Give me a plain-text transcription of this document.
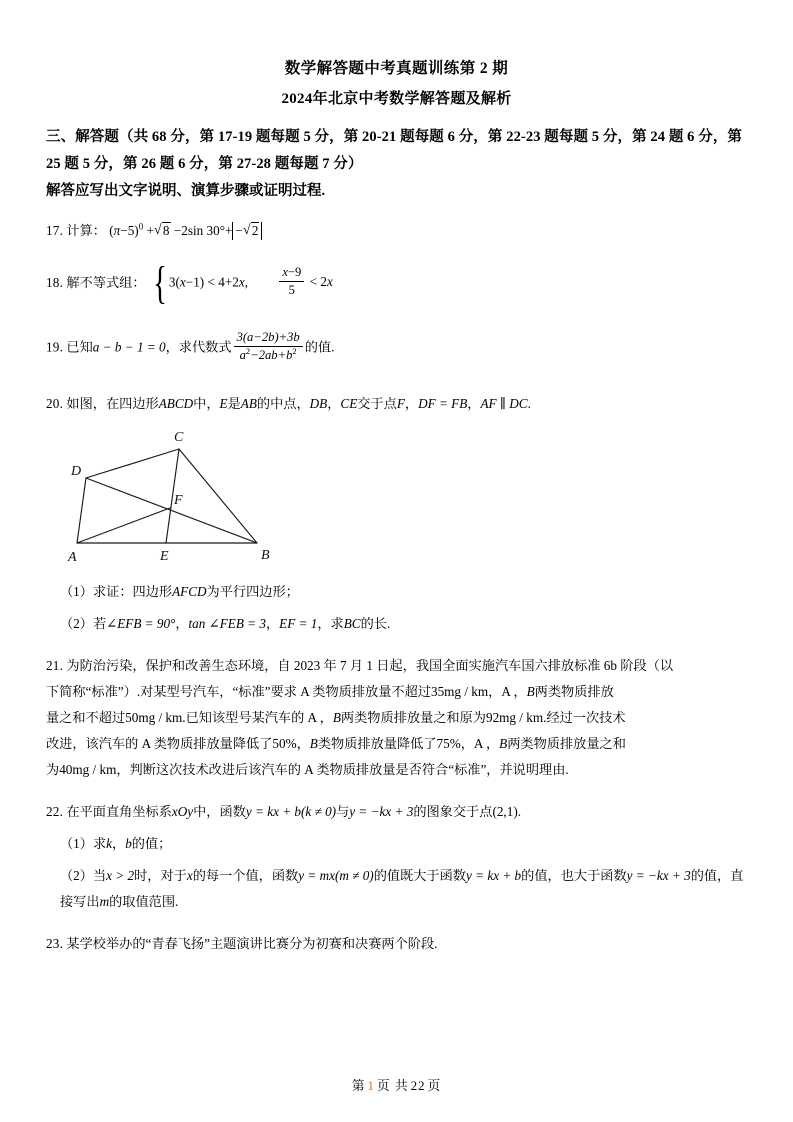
数学解答题中考真题训练第 2 期
2024年北京中考数学解答题及解析
三、解答题（共 68 分，第 17-19 题每题 5 分，第 20-21 题每题 6 分，第 22-23 题每题 5 分，第 24 题 6 分，第 25 题 5 分，第 26 题 6 分，第 27-28 题每题 7 分）
解答应写出文字说明、演算步骤或证明过程.
17. 计算： $(\pi-5)^0$ + √ 8 −2sin 30°+ − √ 2
18. 解不等式组： { 3(x−1) < 4+2x, $\frac{x-9}{5} < 2x$
19. 已知a − b − 1 = 0，求代数式 $\frac{3(a-2b)+3b}{a^2-2ab+b^2}$ 的值.
20. 如图，在四边形ABCD中，E是AB的中点，DB，CE交于点F，DF = FB，AF ∥ DC.
A	B
C
D
E
F
（1）求证：四边形AFCD为平行四边形；
（2）若∠EFB = 90°，tan ∠FEB = 3，EF = 1，求BC的长.
21. 为防治污染，保护和改善生态环境，自 2023 年 7 月 1 日起，我国全面实施汽车国六排放标准 6b 阶段（以
下简称“标准”）.对某型号汽车，“标准”要求 A 类物质排放量不超过35mg / km，A ，B两类物质排放
量之和不超过50mg / km.已知该型号某汽车的 A ，B两类物质排放量之和原为92mg / km.经过一次技术
改进，该汽车的 A 类物质排放量降低了50%，B类物质排放量降低了75%，A ，B两类物质排放量之和
为40mg / km，判断这次技术改进后该汽车的 A 类物质排放量是否符合“标准”，并说明理由.
22. 在平面直角坐标系xOy中，函数y = kx + b(k ≠ 0)与y = −kx + 3的图象交于点(2,1).
（1）求k，b的值；
（2）当x > 2时，对于x的每一个值，函数y = mx(m ≠ 0)的值既大于函数y = kx + b的值，也大于函数y = −kx + 3的值，直接写出m的取值范围.
23. 某学校举办的“青春飞扬”主题演讲比赛分为初赛和决赛两个阶段.
第 1 页 共 22 页
